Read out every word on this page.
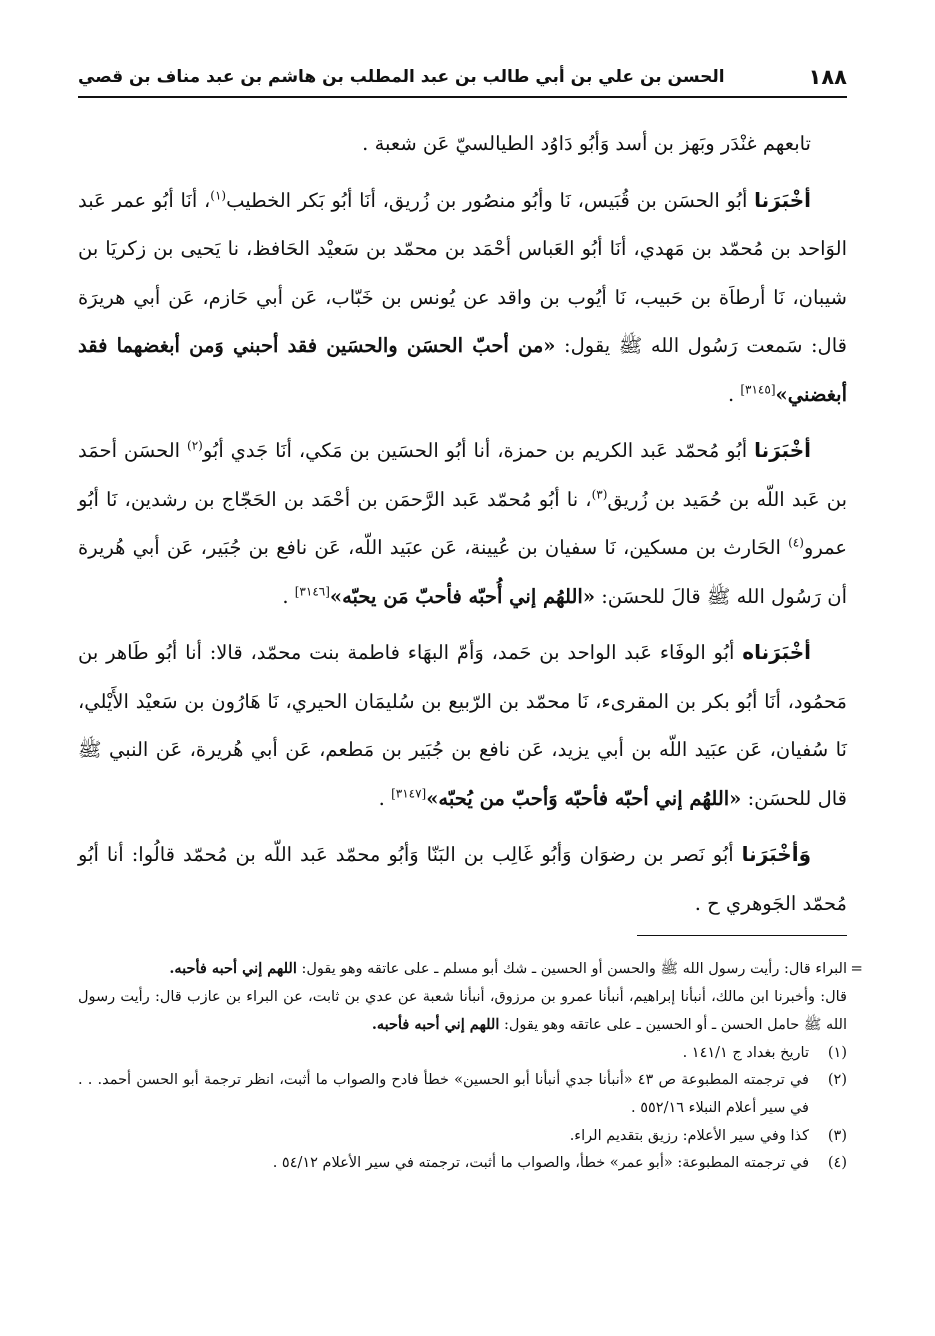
١٨٨
الحسن بن علي بن أبي طالب بن عبد المطلب بن هاشم بن عبد مناف بن قصي

تابعهم غنْدَر وبَهز بن أسد وَأبُو دَاوُد الطيالسيّ عَن شعبة .

أخْبَرَنا أبُو الحسَن بن قُبَيس، نَا وأبُو منصُور بن زُريق، أنَا أبُو بَكر الخطيب$^{(١)}$، أنَا أبُو عمر عَبد الوَاحد بن مُحمّد بن مَهدي، أنَا أبُو العَباس أحْمَد بن محمّد بن سَعيْد الحَافظ، نا يَحيى بن زكريَا بن شيبان، نَا أرطاَة بن حَبيب، نَا أيُوب بن واقد عن يُونس بن خَبّاب، عَن أبي حَازم، عَن أبي هريرَة قال: سَمعت رَسُول الله ﷺ يقول: «من أحبّ الحسَن والحسَين فقد أحبني وَمن أبغضهما فقد أبغضني»[٣١٤٥] .

أخْبَرَنا أبُو مُحمّد عَبد الكريم بن حمزة، أنا أبُو الحسَين بن مَكي، أنَا جَدي أبُو$^{(٢)}$ الحسَن أحمَد بن عَبد اللّه بن حُمَيد بن زُريق$^{(٣)}$، نا أبُو مُحمّد عَبد الرَّحمَن بن أحْمَد بن الحَجّاج بن رشدين، نَا أبُو عمرو$^{(٤)}$ الحَارث بن مسكين، نَا سفيان بن عُيينة، عَن عبَيد اللّه، عَن نافع بن جُبَير، عَن أبي هُريرة أن رَسُول الله ﷺ قالَ للحسَن: «اللهُم إني أُحبّه فأحبّ مَن يحبّه»[٣١٤٦] .

أخْبَرَناه أبُو الوفَاء عَبد الواحد بن حَمد، وَأمّ البهَاء فاطمة بنت محمّد، قالا: أنا أبُو طَاهر بن مَحمُود، أنَا أبُو بكر بن المقرىء، نَا محمّد بن الرّبيع بن سُليمَان الحيري، نَا هَارُون بن سَعيْد الأَيْلي، نَا سُفيان، عَن عبَيد اللّه بن أبي يزيد، عَن نافع بن جُبَير بن مَطعم، عَن أبي هُريرة، عَن النبي ﷺ قال للحسَن: «اللهُم إني أحبّه فأحبّه وَأحبّ من يُحبّه»[٣١٤٧] .

وَأخْبَرَنا أبُو نَصر بن رضوَان وَأبُو غَالِب بن البَنّا وَأبُو محمّد عَبد اللّه بن مُحمّد قالُوا: أنا أبُو مُحمّد الجَوهري ح .

=

البراء قال: رأيت رسول الله ﷺ والحسن أو الحسين ـ شك أبو مسلم ـ على عاتقه وهو يقول: اللهم إني أحبه فأحبه.

قال: وأخبرنا ابن مالك، أنبأنا إبراهيم، أنبأنا عمرو بن مرزوق، أنبأنا شعبة عن عدي بن ثابت، عن البراء بن عازب قال: رأيت رسول الله ﷺ حامل الحسن ـ أو الحسين ـ على عاتقه وهو يقول: اللهم إني أحبه فأحبه.

(١)
تاريخ بغداد ج ١٤١/١ .
(٢)
في ترجمته المطبوعة ص ٤٣ «أنبأنا جدي أنبأنا أبو الحسين» خطأ فادح والصواب ما أثبت، انظر ترجمة أبو الحسن أحمد. . . في سير أعلام النبلاء ٥٥٢/١٦ .
(٣)
كذا وفي سير الأعلام: رزيق بتقديم الراء.
(٤)
في ترجمته المطبوعة: «أبو عمر» خطأ، والصواب ما أثبت، ترجمته في سير الأعلام ٥٤/١٢ .
